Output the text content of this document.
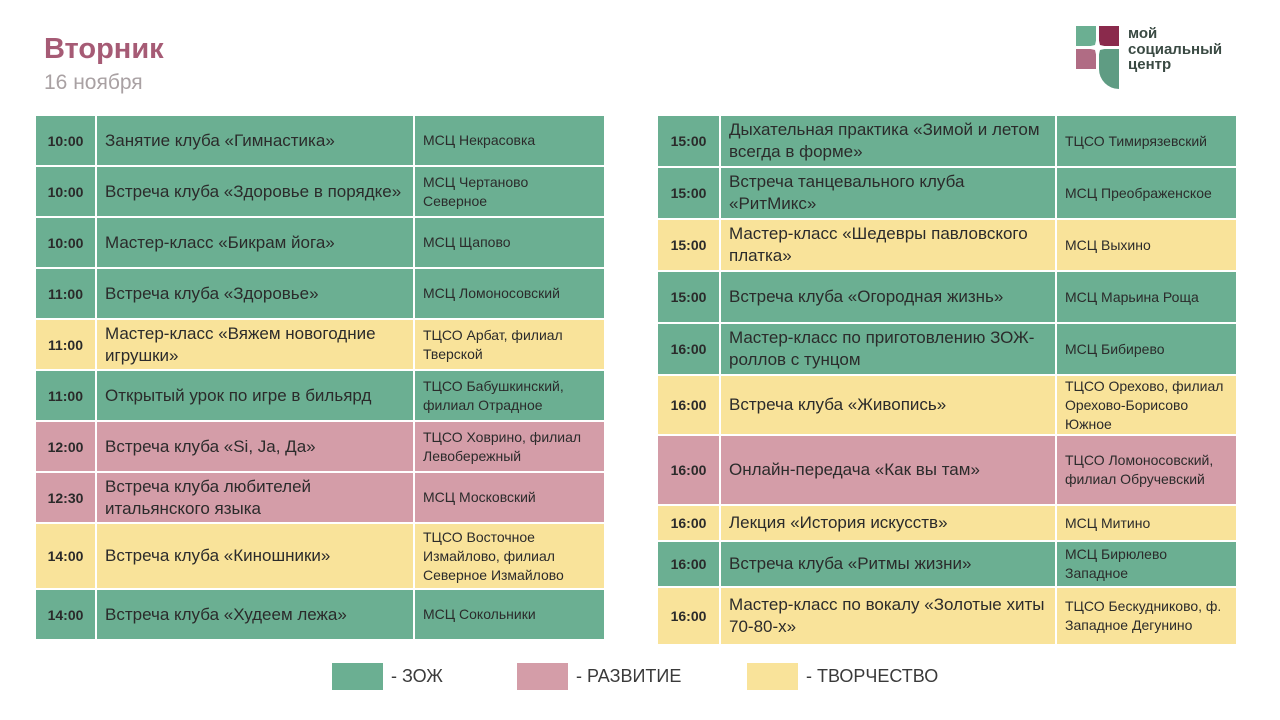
Вторник
16 ноября
мой
социальный
центр
10:00	Занятие клуба «Гимнастика»	МСЦ Некрасовка
10:00	Встреча клуба «Здоровье в порядке»	МСЦ Чертаново Северное
10:00	Мастер-класс «Бикрам йога»	МСЦ Щапово
11:00	Встреча клуба «Здоровье»	МСЦ Ломоносовский
11:00	Мастер-класс «Вяжем новогодние игрушки»	ТЦСО Арбат, филиал Тверской
11:00	Открытый урок по игре в бильярд	ТЦСО Бабушкинский, филиал Отрадное
12:00	Встреча клуба «Si, Ja, Да»	ТЦСО Ховрино, филиал Левобережный
12:30	Встреча клуба любителей итальянского языка	МСЦ Московский
14:00	Встреча клуба «Киношники»	ТЦСО Восточное Измайлово, филиал Северное Измайлово
14:00	Встреча клуба «Худеем лежа»	МСЦ Сокольники
15:00	Дыхательная практика «Зимой и летом всегда в форме»	ТЦСО Тимирязевский
15:00	Встреча танцевального клуба «РитМикс»	МСЦ Преображенское
15:00	Мастер-класс «Шедевры павловского платка»	МСЦ Выхино
15:00	Встреча клуба «Огородная жизнь»	МСЦ Марьина Роща
16:00	Мастер-класс по приготовлению ЗОЖ-роллов с тунцом	МСЦ Бибирево
16:00	Встреча клуба «Живопись»	ТЦСО Орехово, филиал Орехово-Борисово Южное
16:00	Онлайн-передача «Как вы там»	ТЦСО Ломоносовский, филиал Обручевский
16:00	Лекция «История искусств»	МСЦ Митино
16:00	Встреча клуба «Ритмы жизни»	МСЦ Бирюлево Западное
16:00	Мастер-класс по вокалу «Золотые хиты 70-80-х»	ТЦСО Бескудниково, ф. Западное Дегунино
- ЗОЖ	- РАЗВИТИЕ	- ТВОРЧЕСТВО
